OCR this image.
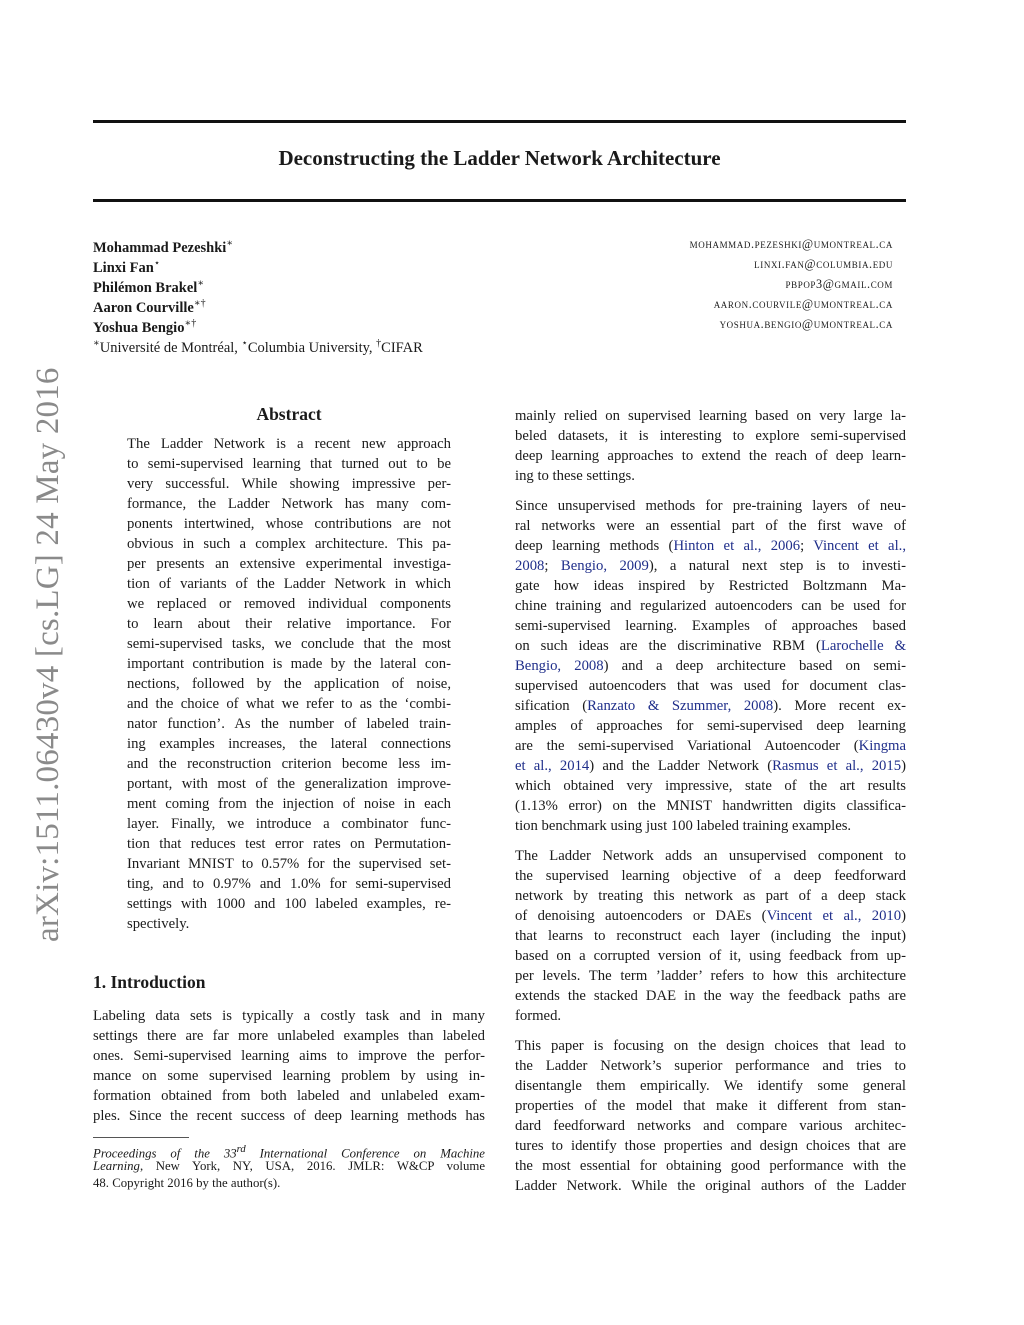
arXiv:1511.06430v4 [cs.LG] 24 May 2016
Deconstructing the Ladder Network Architecture
Mohammad Pezeshki∗
Linxi Fan⋆
Philémon Brakel∗
Aaron Courville∗†
Yoshua Bengio∗†
mohammad.pezeshki@umontreal.ca
linxi.fan@columbia.edu
pbpop3@gmail.com
aaron.courvile@umontreal.ca
yoshua.bengio@umontreal.ca
∗Université de Montréal, ⋆Columbia University, †CIFAR
Abstract
The Ladder Network is a recent new approach
to semi-supervised learning that turned out to be
very successful. While showing impressive per-
formance, the Ladder Network has many com-
ponents intertwined, whose contributions are not
obvious in such a complex architecture. This pa-
per presents an extensive experimental investiga-
tion of variants of the Ladder Network in which
we replaced or removed individual components
to learn about their relative importance. For
semi-supervised tasks, we conclude that the most
important contribution is made by the lateral con-
nections, followed by the application of noise,
and the choice of what we refer to as the ‘combi-
nator function’. As the number of labeled train-
ing examples increases, the lateral connections
and the reconstruction criterion become less im-
portant, with most of the generalization improve-
ment coming from the injection of noise in each
layer. Finally, we introduce a combinator func-
tion that reduces test error rates on Permutation-
Invariant MNIST to 0.57% for the supervised set-
ting, and to 0.97% and 1.0% for semi-supervised
settings with 1000 and 100 labeled examples, re-
spectively.
1. Introduction
Labeling data sets is typically a costly task and in many
settings there are far more unlabeled examples than labeled
ones. Semi-supervised learning aims to improve the perfor-
mance on some supervised learning problem by using in-
formation obtained from both labeled and unlabeled exam-
ples. Since the recent success of deep learning methods has
Proceedings of the 33rd International Conference on Machine
Learning, New York, NY, USA, 2016. JMLR: W&CP volume
48. Copyright 2016 by the author(s).
mainly relied on supervised learning based on very large la-
beled datasets, it is interesting to explore semi-supervised
deep learning approaches to extend the reach of deep learn-
ing to these settings.
Since unsupervised methods for pre-training layers of neu-
ral networks were an essential part of the first wave of
deep learning methods (Hinton et al., 2006; Vincent et al.,
2008; Bengio, 2009), a natural next step is to investi-
gate how ideas inspired by Restricted Boltzmann Ma-
chine training and regularized autoencoders can be used for
semi-supervised learning. Examples of approaches based
on such ideas are the discriminative RBM (Larochelle &
Bengio, 2008) and a deep architecture based on semi-
supervised autoencoders that was used for document clas-
sification (Ranzato & Szummer, 2008). More recent ex-
amples of approaches for semi-supervised deep learning
are the semi-supervised Variational Autoencoder (Kingma
et al., 2014) and the Ladder Network (Rasmus et al., 2015)
which obtained very impressive, state of the art results
(1.13% error) on the MNIST handwritten digits classifica-
tion benchmark using just 100 labeled training examples.
The Ladder Network adds an unsupervised component to
the supervised learning objective of a deep feedforward
network by treating this network as part of a deep stack
of denoising autoencoders or DAEs (Vincent et al., 2010)
that learns to reconstruct each layer (including the input)
based on a corrupted version of it, using feedback from up-
per levels. The term ’ladder’ refers to how this architecture
extends the stacked DAE in the way the feedback paths are
formed.
This paper is focusing on the design choices that lead to
the Ladder Network’s superior performance and tries to
disentangle them empirically. We identify some general
properties of the model that make it different from stan-
dard feedforward networks and compare various architec-
tures to identify those properties and design choices that are
the most essential for obtaining good performance with the
Ladder Network. While the original authors of the Ladder
